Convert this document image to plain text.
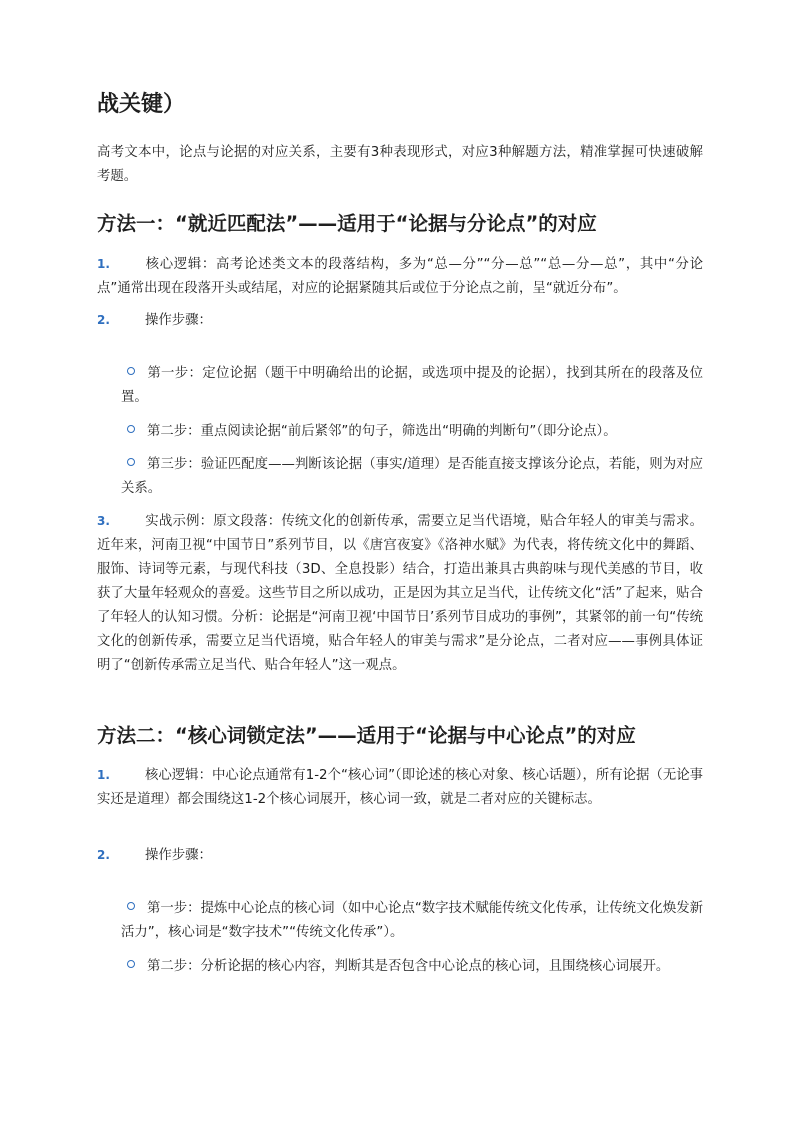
战关键）

高考文本中，论点与论据的对应关系，主要有3种表现形式，对应3种解题方法，精准掌握可快速破解考题。

方法一：“就近匹配法”——适用于“论据与分论点”的对应

1.	核心逻辑：高考论述类文本的段落结构，多为“总—分”“分—总”“总—分—总”，其中“分论点”通常出现在段落开头或结尾，对应的论据紧随其后或位于分论点之前，呈“就近分布”。

2.	操作步骤：

第一步：定位论据（题干中明确给出的论据，或选项中提及的论据），找到其所在的段落及位置。
第二步：重点阅读论据“前后紧邻”的句子，筛选出“明确的判断句”（即分论点）。
第三步：验证匹配度——判断该论据（事实/道理）是否能直接支撑该分论点，若能，则为对应关系。

3.	实战示例：原文段落：传统文化的创新传承，需要立足当代语境，贴合年轻人的审美与需求。近年来，河南卫视“中国节日”系列节目，以《唐宫夜宴》《洛神水赋》为代表，将传统文化中的舞蹈、服饰、诗词等元素，与现代科技（3D、全息投影）结合，打造出兼具古典韵味与现代美感的节目，收获了大量年轻观众的喜爱。这些节目之所以成功，正是因为其立足当代，让传统文化“活”了起来，贴合了年轻人的认知习惯。分析：论据是“河南卫视‘中国节日’系列节目成功的事例”，其紧邻的前一句“传统文化的创新传承，需要立足当代语境，贴合年轻人的审美与需求”是分论点，二者对应——事例具体证明了“创新传承需立足当代、贴合年轻人”这一观点。

方法二：“核心词锁定法”——适用于“论据与中心论点”的对应

1.	核心逻辑：中心论点通常有1-2个“核心词”（即论述的核心对象、核心话题），所有论据（无论事实还是道理）都会围绕这1-2个核心词展开，核心词一致，就是二者对应的关键标志。

2.	操作步骤：

第一步：提炼中心论点的核心词（如中心论点“数字技术赋能传统文化传承，让传统文化焕发新活力”，核心词是“数字技术”“传统文化传承”）。
第二步：分析论据的核心内容，判断其是否包含中心论点的核心词，且围绕核心词展开。
